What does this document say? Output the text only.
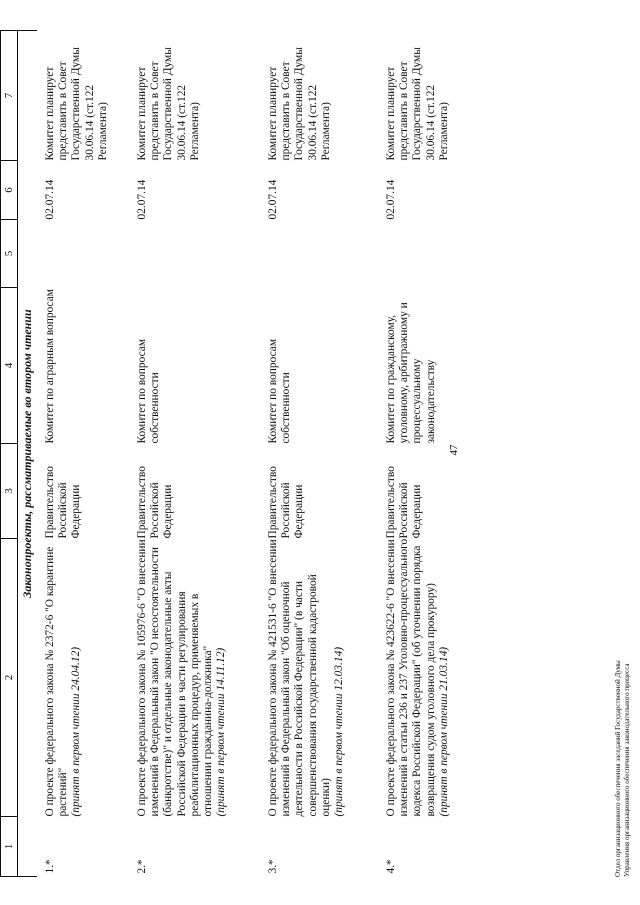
47
1	2	3	4	5	6	7
Законопроекты, рассматриваемые во втором чтении						
1.*	О проекте федерального закона № 2372-6 "О карантине растений" (принят в первом чтении 24.04.12)	Правительство Российской Федерации	Комитет по аграрным вопросам		02.07.14	Комитет планирует представить в Совет Государственной Думы 30.06.14 (ст.122 Регламента)
2.*	О проекте федерального закона № 105976-6 "О внесении изменений в Федеральный закон "О несостоятельности (банкротстве)" и отдельные законодательные акты Российской Федерации в части регулирования реабилитационных процедур, применяемых в отношении гражданина-должника" (принят в первом чтении 14.11.12)	Правительство Российской Федерации	Комитет по вопросам собственности		02.07.14	Комитет планирует представить в Совет Государственной Думы 30.06.14 (ст.122 Регламента)
3.*	О проекте федерального закона № 421531-6 "О внесении изменений в Федеральный закон "Об оценочной деятельности в Российской Федерации" (в части совершенствования государственной кадастровой оценки) (принят в первом чтении 12.03.14)	Правительство Российской Федерации	Комитет по вопросам собственности		02.07.14	Комитет планирует представить в Совет Государственной Думы 30.06.14 (ст.122 Регламента)
4.*	О проекте федерального закона № 423622-6 "О внесении изменений в статьи 236 и 237 Уголовно-процессуального кодекса Российской Федерации" (об уточнении порядка возвращения судом уголовного дела прокурору) (принят в первом чтении 21.03.14)	Правительство Российской Федерации	Комитет по гражданскому, уголовному, арбитражному и процессуальному законодательству		02.07.14	Комитет планирует представить в Совет Государственной Думы 30.06.14 (ст.122 Регламента)
Отдел организационного обеспечения заседаний Государственной Думы Управления организационного обеспечения законодательного процесса
